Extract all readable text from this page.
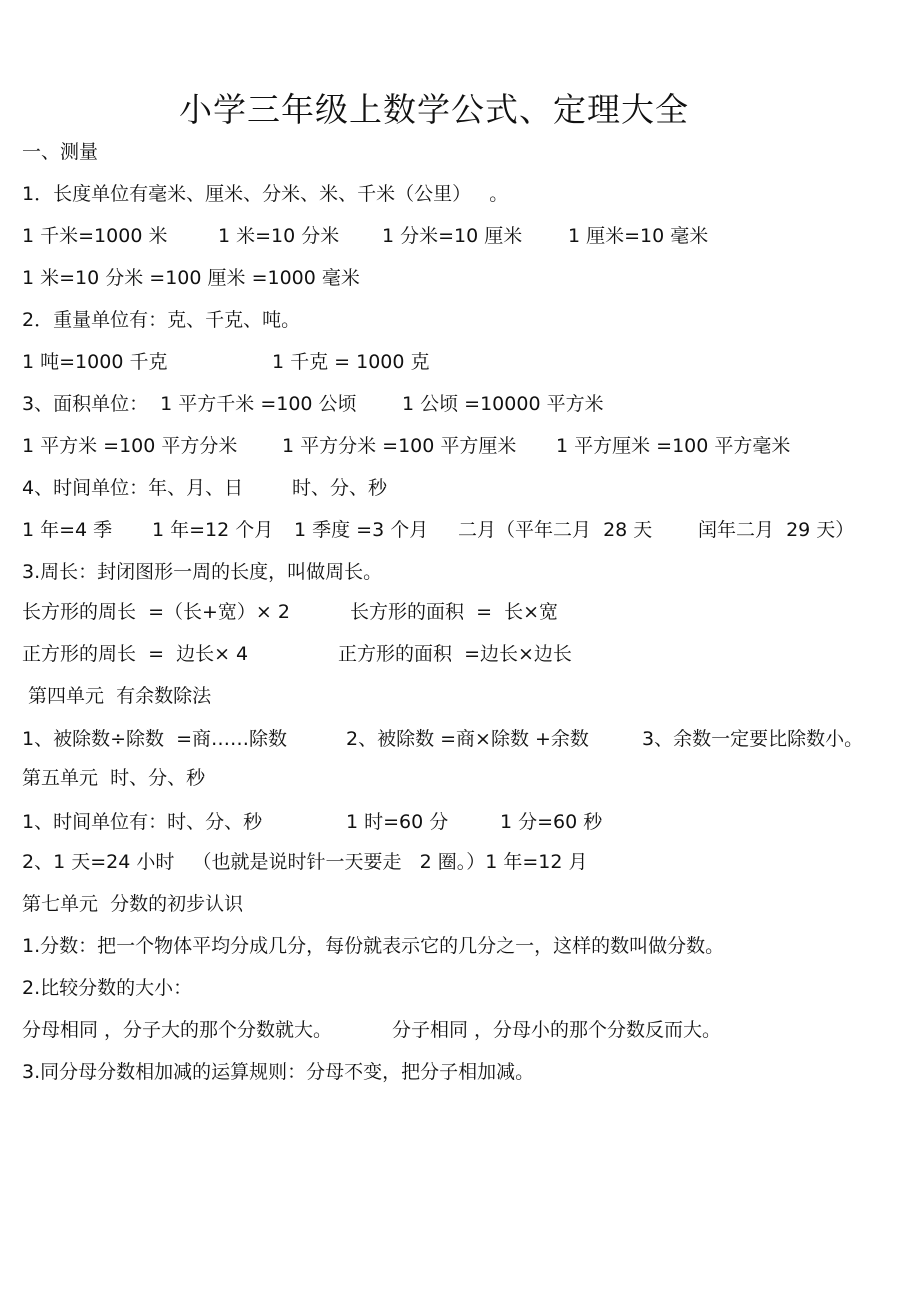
小学三年级上数学公式、定理大全

一、测量

1．长度单位有毫米、厘米、分米、米、千米（公里）   。

1 千米=1000 米

	1 米=10 分米

1 分米=10 厘米

1 厘米=10 毫米

1 米=10 分米 =100 厘米 =1000 毫米

2．重量单位有：克、千克、吨。

1 吨=1000 千克

	1 千克 = 1000 克

3、面积单位：  1 平方千米 =100 公顷

1 公顷 =10000 平方米

1 平方米 =100 平方分米

1 平方分米 =100 平方厘米

1 平方厘米 =100 平方毫米

4、时间单位：年、月、日

	时、分、秒

1 年=4 季

1 年=12 个月

1 季度 =3 个月

二月（平年二月  28 天

闰年二月  29 天）

3.周长：封闭图形一周的长度，叫做周长。

长方形的周长  =（长+宽）× 2

	长方形的面积  =  长×宽

正方形的周长  =  边长× 4

	正方形的面积  =边长×边长

第四单元  有余数除法

1、被除数÷除数  =商……除数

	2、被除数 =商×除数 +余数

	3、余数一定要比除数小。

第五单元  时、分、秒

1、时间单位有：时、分、秒

	1 时=60 分

	1 分=60 秒

2、1 天=24 小时   （也就是说时针一天要走   2 圈。）1 年=12 月

第七单元  分数的初步认识

1.分数：把一个物体平均分成几分，每份就表示它的几分之一，这样的数叫做分数。

2.比较分数的大小：

分母相同 ，分子大的那个分数就大。

	分子相同 ，分母小的那个分数反而大。

3.同分母分数相加减的运算规则：分母不变，把分子相加减。
